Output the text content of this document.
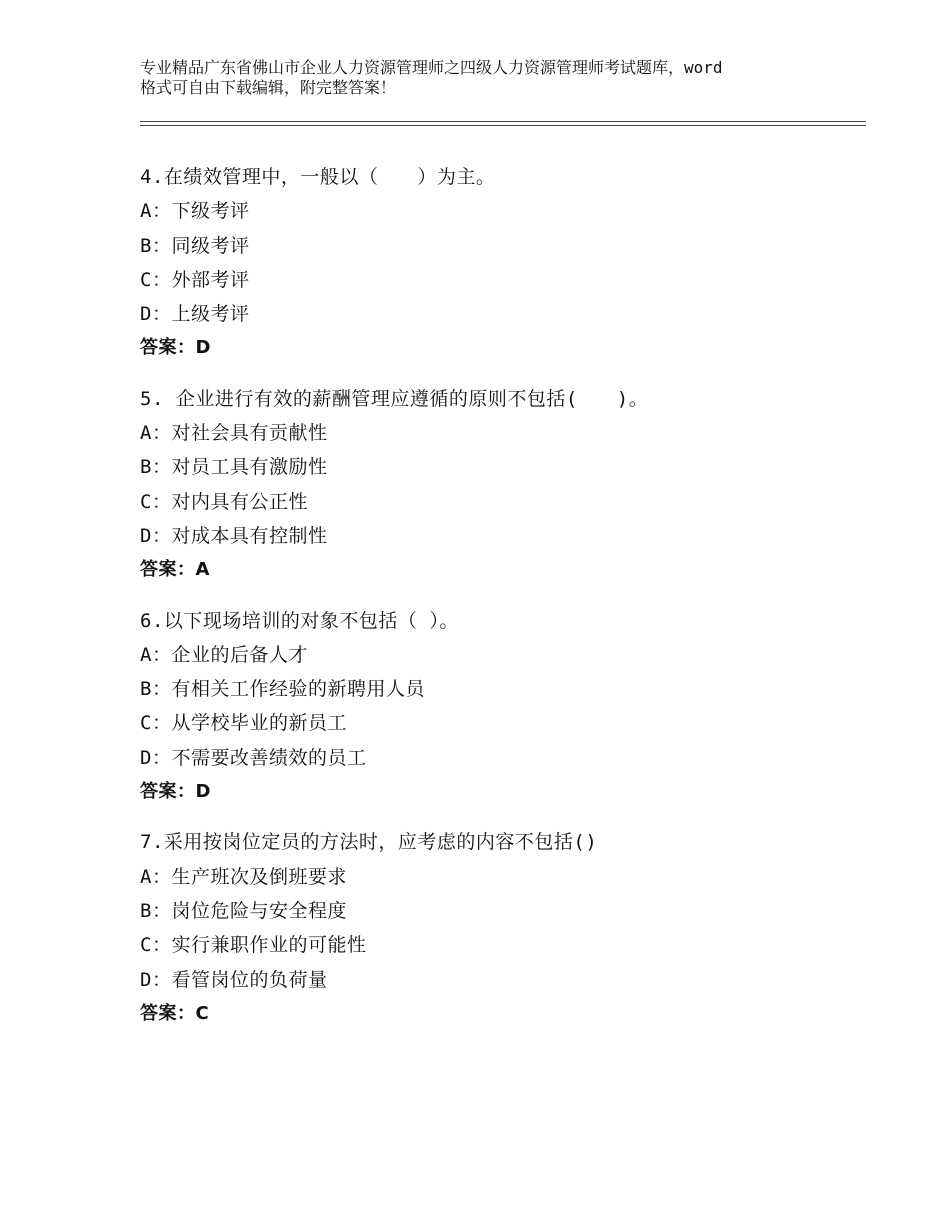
专业精品广东省佛山市企业人力资源管理师之四级人力资源管理师考试题库，word
格式可自由下载编辑，附完整答案！
4.在绩效管理中，一般以（　　）为主。
A：下级考评
B：同级考评
C：外部考评
D：上级考评
答案：D
5. 企业进行有效的薪酬管理应遵循的原则不包括(　　)。
A：对社会具有贡献性
B：对员工具有激励性
C：对内具有公正性
D：对成本具有控制性
答案：A
6.以下现场培训的对象不包括（ ）。
A：企业的后备人才
B：有相关工作经验的新聘用人员
C：从学校毕业的新员工
D：不需要改善绩效的员工
答案：D
7.采用按岗位定员的方法时，应考虑的内容不包括()
A：生产班次及倒班要求
B：岗位危险与安全程度
C：实行兼职作业的可能性
D：看管岗位的负荷量
答案：C
